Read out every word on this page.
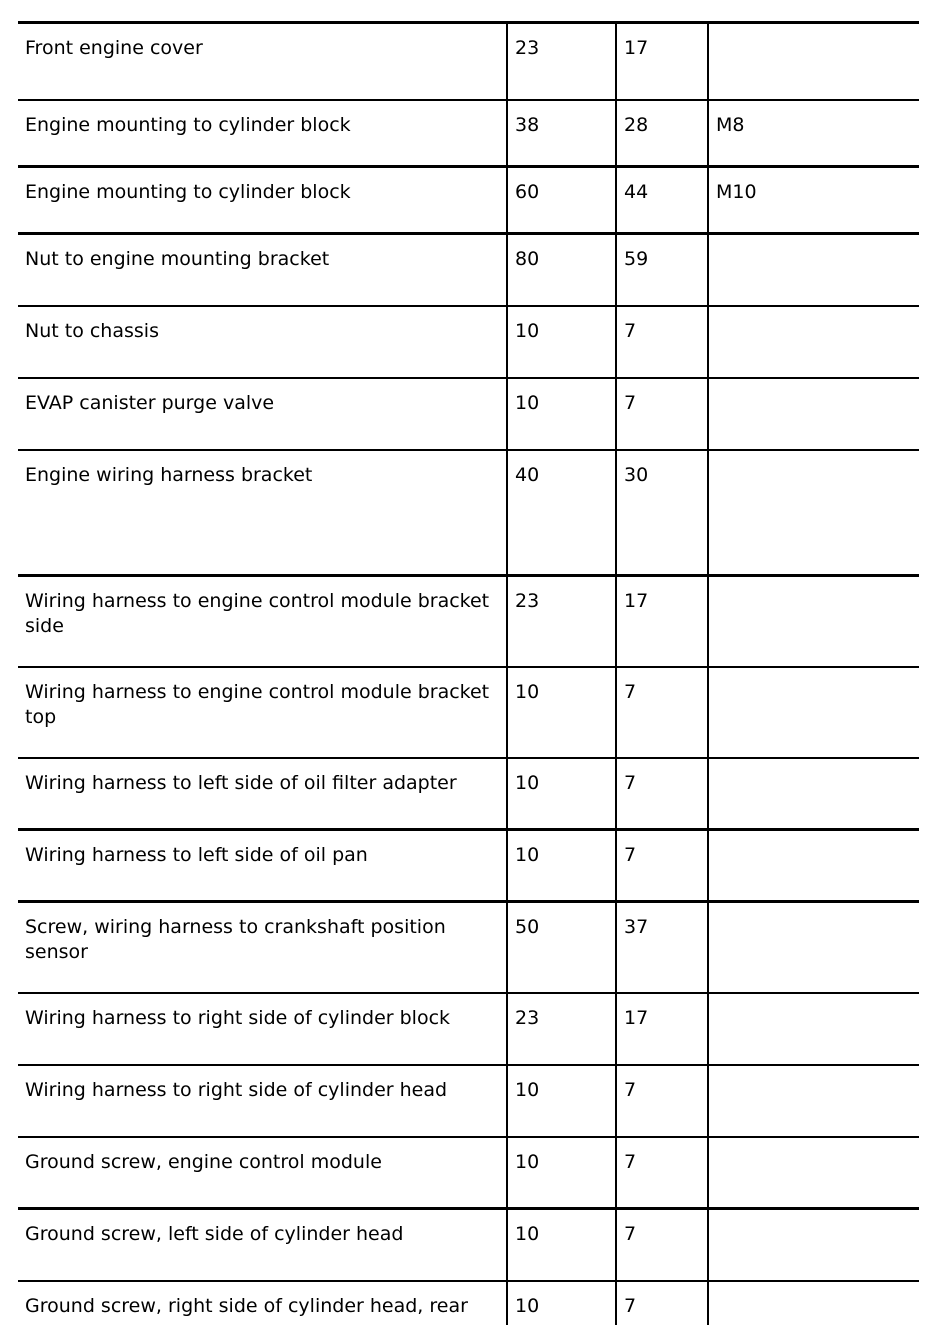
Front engine cover	23	17	
Engine mounting to cylinder block	38	28	M8
Engine mounting to cylinder block	60	44	M10
Nut to engine mounting bracket	80	59	
Nut to chassis	10	7	
EVAP canister purge valve	10	7	
Engine wiring harness bracket	40	30	
Wiring harness to engine control module bracket side	23	17	
Wiring harness to engine control module bracket top	10	7	
Wiring harness to left side of oil filter adapter	10	7	
Wiring harness to left side of oil pan	10	7	
Screw, wiring harness to crankshaft position sensor	50	37	
Wiring harness to right side of cylinder block	23	17	
Wiring harness to right side of cylinder head	10	7	
Ground screw, engine control module	10	7	
Ground screw, left side of cylinder head	10	7	
Ground screw, right side of cylinder head, rear	10	7	
